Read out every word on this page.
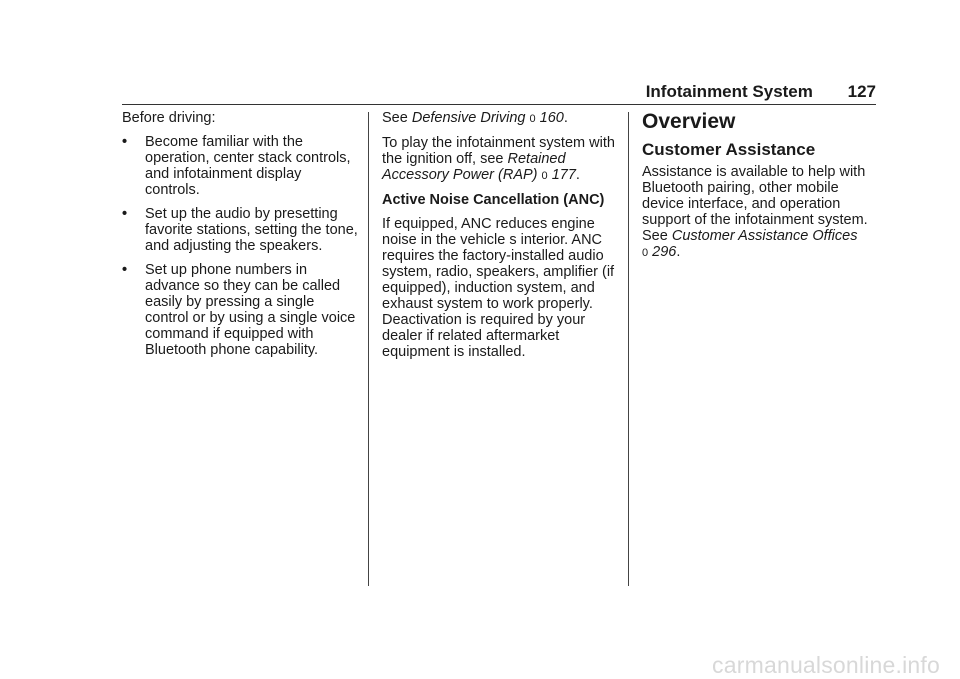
Infotainment System 127

Before driving:

• Become familiar with the operation, center stack controls, and infotainment display controls.
• Set up the audio by presetting favorite stations, setting the tone, and adjusting the speakers.
• Set up phone numbers in advance so they can be called easily by pressing a single control or by using a single voice command if equipped with Bluetooth phone capability.

See Defensive Driving 0 160.

To play the infotainment system with the ignition off, see Retained Accessory Power (RAP) 0 177.

Active Noise Cancellation (ANC)

If equipped, ANC reduces engine noise in the vehicle s interior. ANC requires the factory-installed audio system, radio, speakers, amplifier (if equipped), induction system, and exhaust system to work properly. Deactivation is required by your dealer if related aftermarket equipment is installed.

Overview
Customer Assistance

Assistance is available to help with Bluetooth pairing, other mobile device interface, and operation support of the infotainment system. See Customer Assistance Offices
0 296.

carmanualsonline.info
